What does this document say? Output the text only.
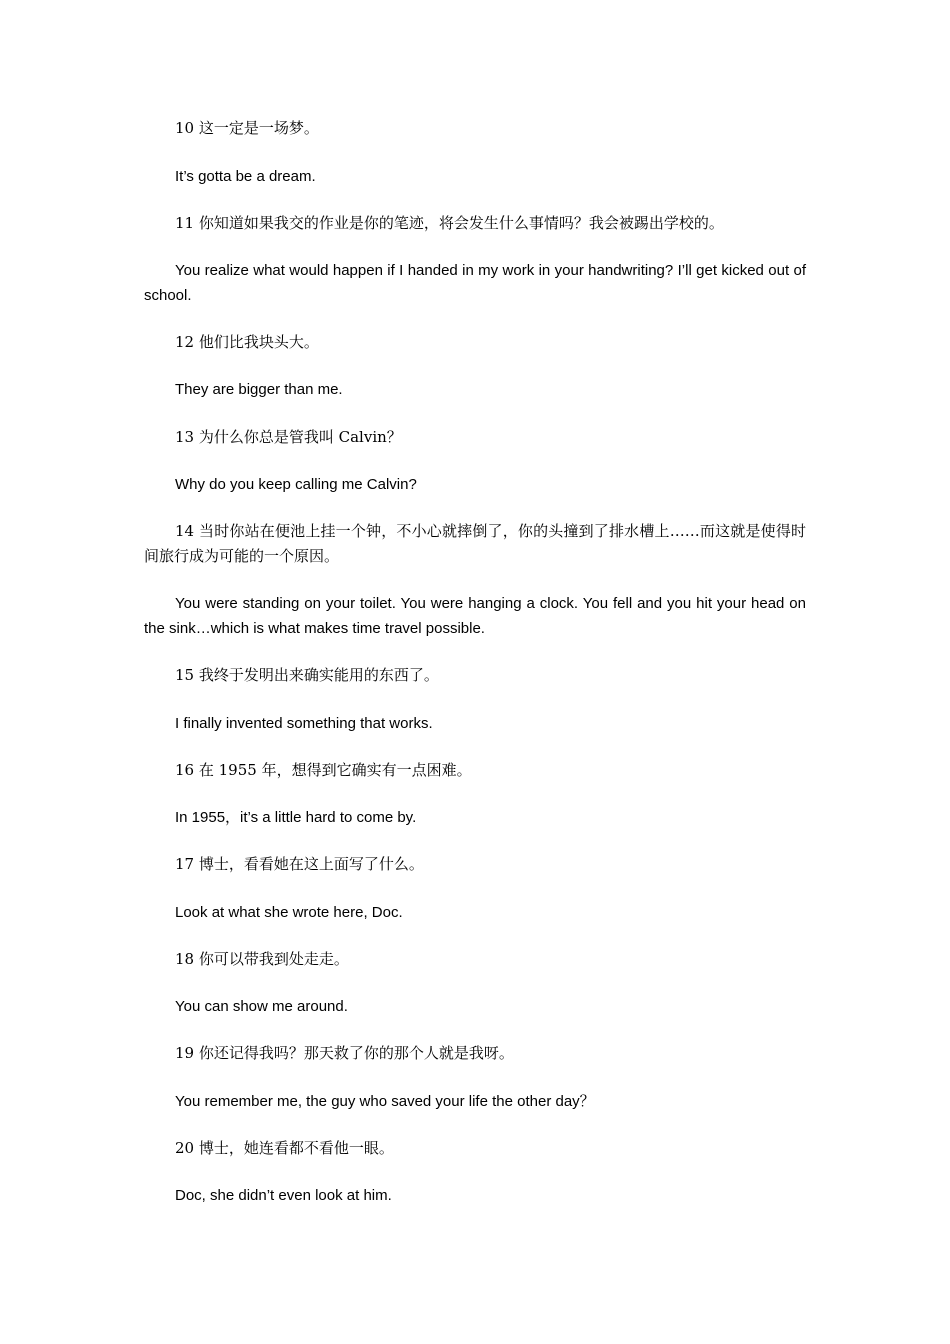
10 这一定是一场梦。

It’s gotta be a dream.

11 你知道如果我交的作业是你的笔迹，将会发生什么事情吗？我会被踢出学校的。

You realize what would happen if I handed in my work in your handwriting? I’ll get kicked out of school.

12 他们比我块头大。

They are bigger than me.

13 为什么你总是管我叫 Calvin？

Why do you keep calling me Calvin?

14 当时你站在便池上挂一个钟，不小心就摔倒了，你的头撞到了排水槽上……而这就是使得时间旅行成为可能的一个原因。

You were standing on your toilet. You were hanging a clock. You fell and you hit your head on the sink…which is what makes time travel possible.

15 我终于发明出来确实能用的东西了。

I finally invented something that works.

16 在 1955 年，想得到它确实有一点困难。

In 1955，it’s a little hard to come by.

17 博士，看看她在这上面写了什么。

Look at what she wrote here, Doc.

18 你可以带我到处走走。

You can show me around.

19 你还记得我吗？那天救了你的那个人就是我呀。

You remember me, the guy who saved your life the other day？

20 博士，她连看都不看他一眼。

Doc, she didn’t even look at him.
